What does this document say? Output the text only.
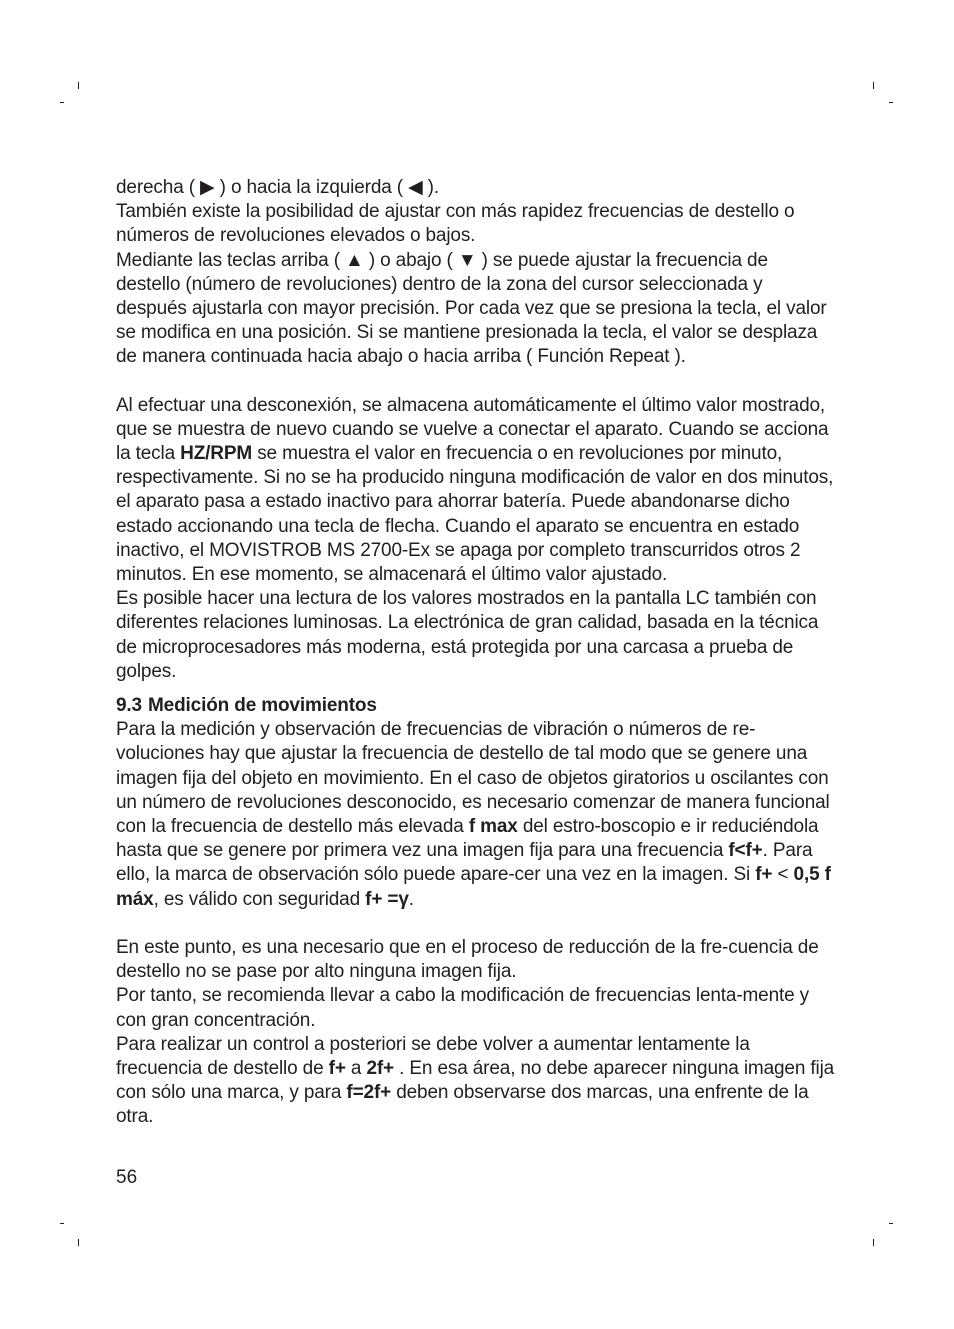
derecha ( ▶ ) o hacia la izquierda ( ◀ ).

También existe la posibilidad de ajustar con más rapidez frecuencias de destello o números de revoluciones elevados o bajos.

Mediante las teclas arriba ( ▲ ) o abajo ( ▼ ) se puede ajustar la frecuencia de destello (número de revoluciones) dentro de la zona del cursor seleccionada y después ajustarla con mayor precisión. Por cada vez que se presiona la tecla, el valor se modifica en una posición. Si se mantiene presionada la tecla, el valor se desplaza de manera continuada hacia abajo o hacia arriba ( Función Repeat ).

Al efectuar una desconexión, se almacena automáticamente el último valor mostrado, que se muestra de nuevo cuando se vuelve a conectar el aparato. Cuando se acciona la tecla HZ/RPM se muestra el valor en frecuencia o en revoluciones por minuto, respectivamente. Si no se ha producido ninguna modificación de valor en dos minutos, el aparato pasa a estado inactivo para ahorrar batería. Puede abandonarse dicho estado accionando una tecla de flecha. Cuando el aparato se encuentra en estado inactivo, el MOVISTROB MS 2700-Ex se apaga por completo transcurridos otros 2 minutos. En ese momento, se almacenará el último valor ajustado.

Es posible hacer una lectura de los valores mostrados en la pantalla LC también con diferentes relaciones luminosas. La electrónica de gran calidad, basada en la técnica de microprocesadores más moderna, está protegida por una carcasa a prueba de golpes.

9.3 Medición de movimientos

Para la medición y observación de frecuencias de vibración o números de re-voluciones hay que ajustar la frecuencia de destello de tal modo que se genere una imagen fija del objeto en movimiento. En el caso de objetos giratorios u oscilantes con un número de revoluciones desconocido, es necesario comenzar de manera funcional con la frecuencia de destello más elevada f max del estro-boscopio e ir reduciéndola hasta que se genere por primera vez una imagen fija para una frecuencia f<f+. Para ello, la marca de observación sólo puede apare-cer una vez en la imagen. Si f+ < 0,5 f máx, es válido con seguridad f+ =γ.

En este punto, es una necesario que en el proceso de reducción de la fre-cuencia de destello no se pase por alto ninguna imagen fija.

Por tanto, se recomienda llevar a cabo la modificación de frecuencias lenta-mente y con gran concentración.

Para realizar un control a posteriori se debe volver a aumentar lentamente la frecuencia de destello de f+ a 2f+ . En esa área, no debe aparecer ninguna imagen fija con sólo una marca, y para f=2f+ deben observarse dos marcas, una enfrente de la otra.

56
